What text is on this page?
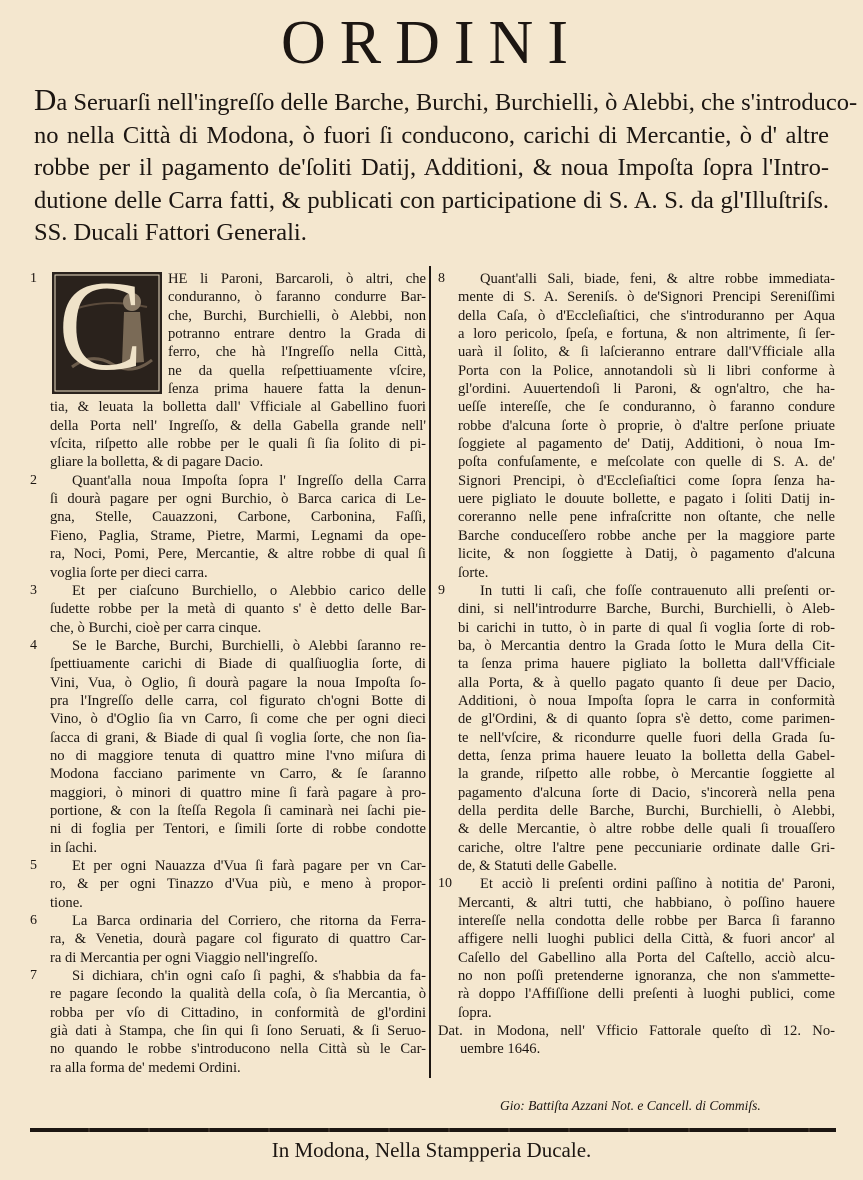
ORDINI
Da Seruarſi nell'ingreſſo delle Barche, Burchi, Burchielli, ò Alebbi, che s'introduco-
no nella Città di Modona, ò fuori ſi conducono, carichi di Mercantie, ò d' altre
robbe per il pagamento de'ſoliti Datij, Additioni, & noua Impoſta ſopra l'Intro-
dutione delle Carra fatti, & publicati con participatione di S. A. S. da gl'Illuſtriſs.
SS. Ducali Fattori Generali.
1 C	HE li Paroni, Barcaroli, ò altri, che
conduranno, ò faranno condurre Bar-
che, Burchi, Burchielli, ò Alebbi, non
potranno entrare dentro la Grada di
ferro, che hà l'Ingreſſo nella Città,
ne da quella reſpettiuamente vſcire,
ſenza prima hauere fatta la denun-
tia, & leuata la bolletta dall' Vfficiale al Gabellino fuori
della Porta nell' Ingreſſo, & della Gabella grande nell'
vſcita, riſpetto alle robbe per le quali ſi ſia ſolito di pi-
gliare la bolletta, & di pagare Dacio.
2	Quant'alla noua Impoſta ſopra l' Ingreſſo della Carra
ſi dourà pagare per ogni Burchio, ò Barca carica di Le-
gna, Stelle, Cauazzoni, Carbone, Carbonina, Faſſi,
Fieno, Paglia, Strame, Pietre, Marmi, Legnami da ope-
ra, Noci, Pomi, Pere, Mercantie, & altre robbe di qual ſi
voglia ſorte per dieci carra.
3	Et per ciaſcuno Burchiello, o Alebbio carico delle
ſudette robbe per la metà di quanto s' è detto delle Bar-
che, ò Burchi, cioè per carra cinque.
4	Se le Barche, Burchi, Burchielli, ò Alebbi ſaranno re-
ſpettiuamente carichi di Biade di qualſiuoglia ſorte, di
Vini, Vua, ò Oglio, ſi dourà pagare la noua Impoſta ſo-
pra l'Ingreſſo delle carra, col figurato ch'ogni Botte di
Vino, ò d'Oglio ſia vn Carro, ſi come che per ogni dieci
ſacca di grani, & Biade di qual ſi voglia ſorte, che non ſia-
no di maggiore tenuta di quattro mine l'vno miſura di
Modona facciano parimente vn Carro, & ſe ſaranno
maggiori, ò minori di quattro mine ſi farà pagare à pro-
portione, & con la ſteſſa Regola ſi caminarà nei ſachi pie-
ni di foglia per Tentori, e ſimili ſorte di robbe condotte
in ſachi.
5	Et per ogni Nauazza d'Vua ſi farà pagare per vn Car-
ro, & per ogni Tinazzo d'Vua più, e meno à propor-
tione.
6	La Barca ordinaria del Corriero, che ritorna da Ferra-
ra, & Venetia, dourà pagare col figurato di quattro Car-
ra di Mercantia per ogni Viaggio nell'ingreſſo.
7	Si dichiara, ch'in ogni caſo ſi paghi, & s'habbia da fa-
re pagare ſecondo la qualità della coſa, ò ſia Mercantia, ò
robba per vſo di Cittadino, in conformità de gl'ordini
già dati à Stampa, che ſin qui ſi ſono Seruati, & ſi Seruo-
no quando le robbe s'introducono nella Città sù le Car-
ra alla forma de' medemi Ordini.
8	Quant'alli Sali, biade, feni, & altre robbe immediata-
mente di S. A. Sereniſs. ò de'Signori Prencipi Sereniſſimi
della Caſa, ò d'Eccleſiaſtici, che s'introduranno per Aqua
a loro pericolo, ſpeſa, e fortuna, & non altrimente, ſi ſer-
uarà il ſolito, & ſi laſcieranno entrare dall'Vfficiale alla
Porta con la Police, annotandoli sù li libri conforme à
gl'ordini. Auuertendoſi li Paroni, & ogn'altro, che ha-
ueſſe intereſſe, che ſe conduranno, ò faranno condure
robbe d'alcuna ſorte ò proprie, ò d'altre perſone priuate
ſoggiete al pagamento de' Datij, Additioni, ò noua Im-
poſta confuſamente, e meſcolate con quelle di S. A. de'
Signori Prencipi, ò d'Eccleſiaſtici come ſopra ſenza ha-
uere pigliato le douute bollette, e pagato i ſoliti Datij in-
coreranno nelle pene infraſcritte non oſtante, che nelle
Barche conduceſſero robbe anche per la maggiore parte
licite, & non ſoggiette à Datij, ò pagamento d'alcuna
ſorte.
9	In tutti li caſi, che foſſe contrauenuto alli preſenti or-
dini, si nell'introdurre Barche, Burchi, Burchielli, ò Aleb-
bi carichi in tutto, ò in parte di qual ſi voglia ſorte di rob-
ba, ò Mercantia dentro la Grada ſotto le Mura della Cit-
ta ſenza prima hauere pigliato la bolletta dall'Vfficiale
alla Porta, & à quello pagato quanto ſi deue per Dacio,
Additioni, ò noua Impoſta ſopra le carra in conformità
de gl'Ordini, & di quanto ſopra s'è detto, come parimen-
te nell'vſcire, & ricondurre quelle fuori della Grada ſu-
detta, ſenza prima hauere leuato la bolletta della Gabel-
la grande, riſpetto alle robbe, ò Mercantie ſoggiette al
pagamento d'alcuna ſorte di Dacio, s'incorerà nella pena
della perdita delle Barche, Burchi, Burchielli, ò Alebbi,
& delle Mercantie, ò altre robbe delle quali ſi trouaſſero
cariche, oltre l'altre pene peccuniarie ordinate dalle Gri-
de, & Statuti delle Gabelle.
10	Et acciò li preſenti ordini paſſino à notitia de' Paroni,
Mercanti, & altri tutti, che habbiano, ò poſſino hauere
intereſſe nella condotta delle robbe per Barca ſi faranno
affigere nelli luoghi publici della Città, & fuori ancor' al
Caſello del Gabellino alla Porta del Caſtello, acciò alcu-
no non poſſi pretenderne ignoranza, che non s'ammette-
rà doppo l'Affiſſione delli preſenti à luoghi publici, come
ſopra.
Dat. in Modona, nell' Vfficio Fattorale queſto dì 12. No-
uembre 1646.
Gio: Battiſta Azzani Not. e Cancell. di Commiſs.
In Modona, Nella Stampperia Ducale.
